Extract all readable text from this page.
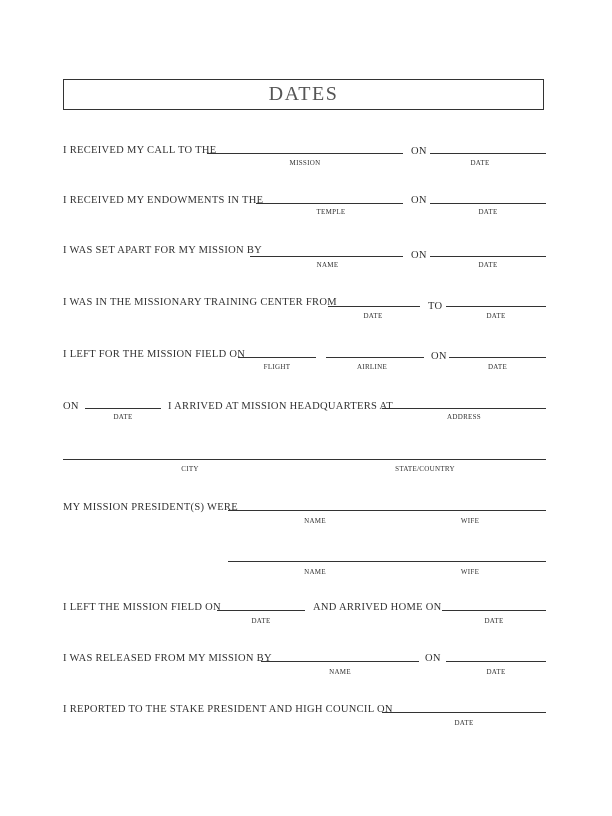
DATES
I RECEIVED MY CALL TO THE	ON
MISSION	DATE
I RECEIVED MY ENDOWMENTS IN THE	ON
TEMPLE	DATE
I WAS SET APART FOR MY MISSION BY	ON
NAME	DATE
I WAS IN THE MISSIONARY TRAINING CENTER FROM	TO
DATE	DATE
I LEFT FOR THE MISSION FIELD ON	ON
FLIGHT	AIRLINE	DATE
ON	I ARRIVED AT MISSION HEADQUARTERS AT
DATE	ADDRESS
CITY	STATE/COUNTRY
MY MISSION PRESIDENT(S) WERE
NAME	WIFE
NAME	WIFE
I LEFT THE MISSION FIELD ON	AND ARRIVED HOME ON
DATE	DATE
I WAS RELEASED FROM MY MISSION BY	ON
NAME	DATE
I REPORTED TO THE STAKE PRESIDENT AND HIGH COUNCIL ON
DATE
